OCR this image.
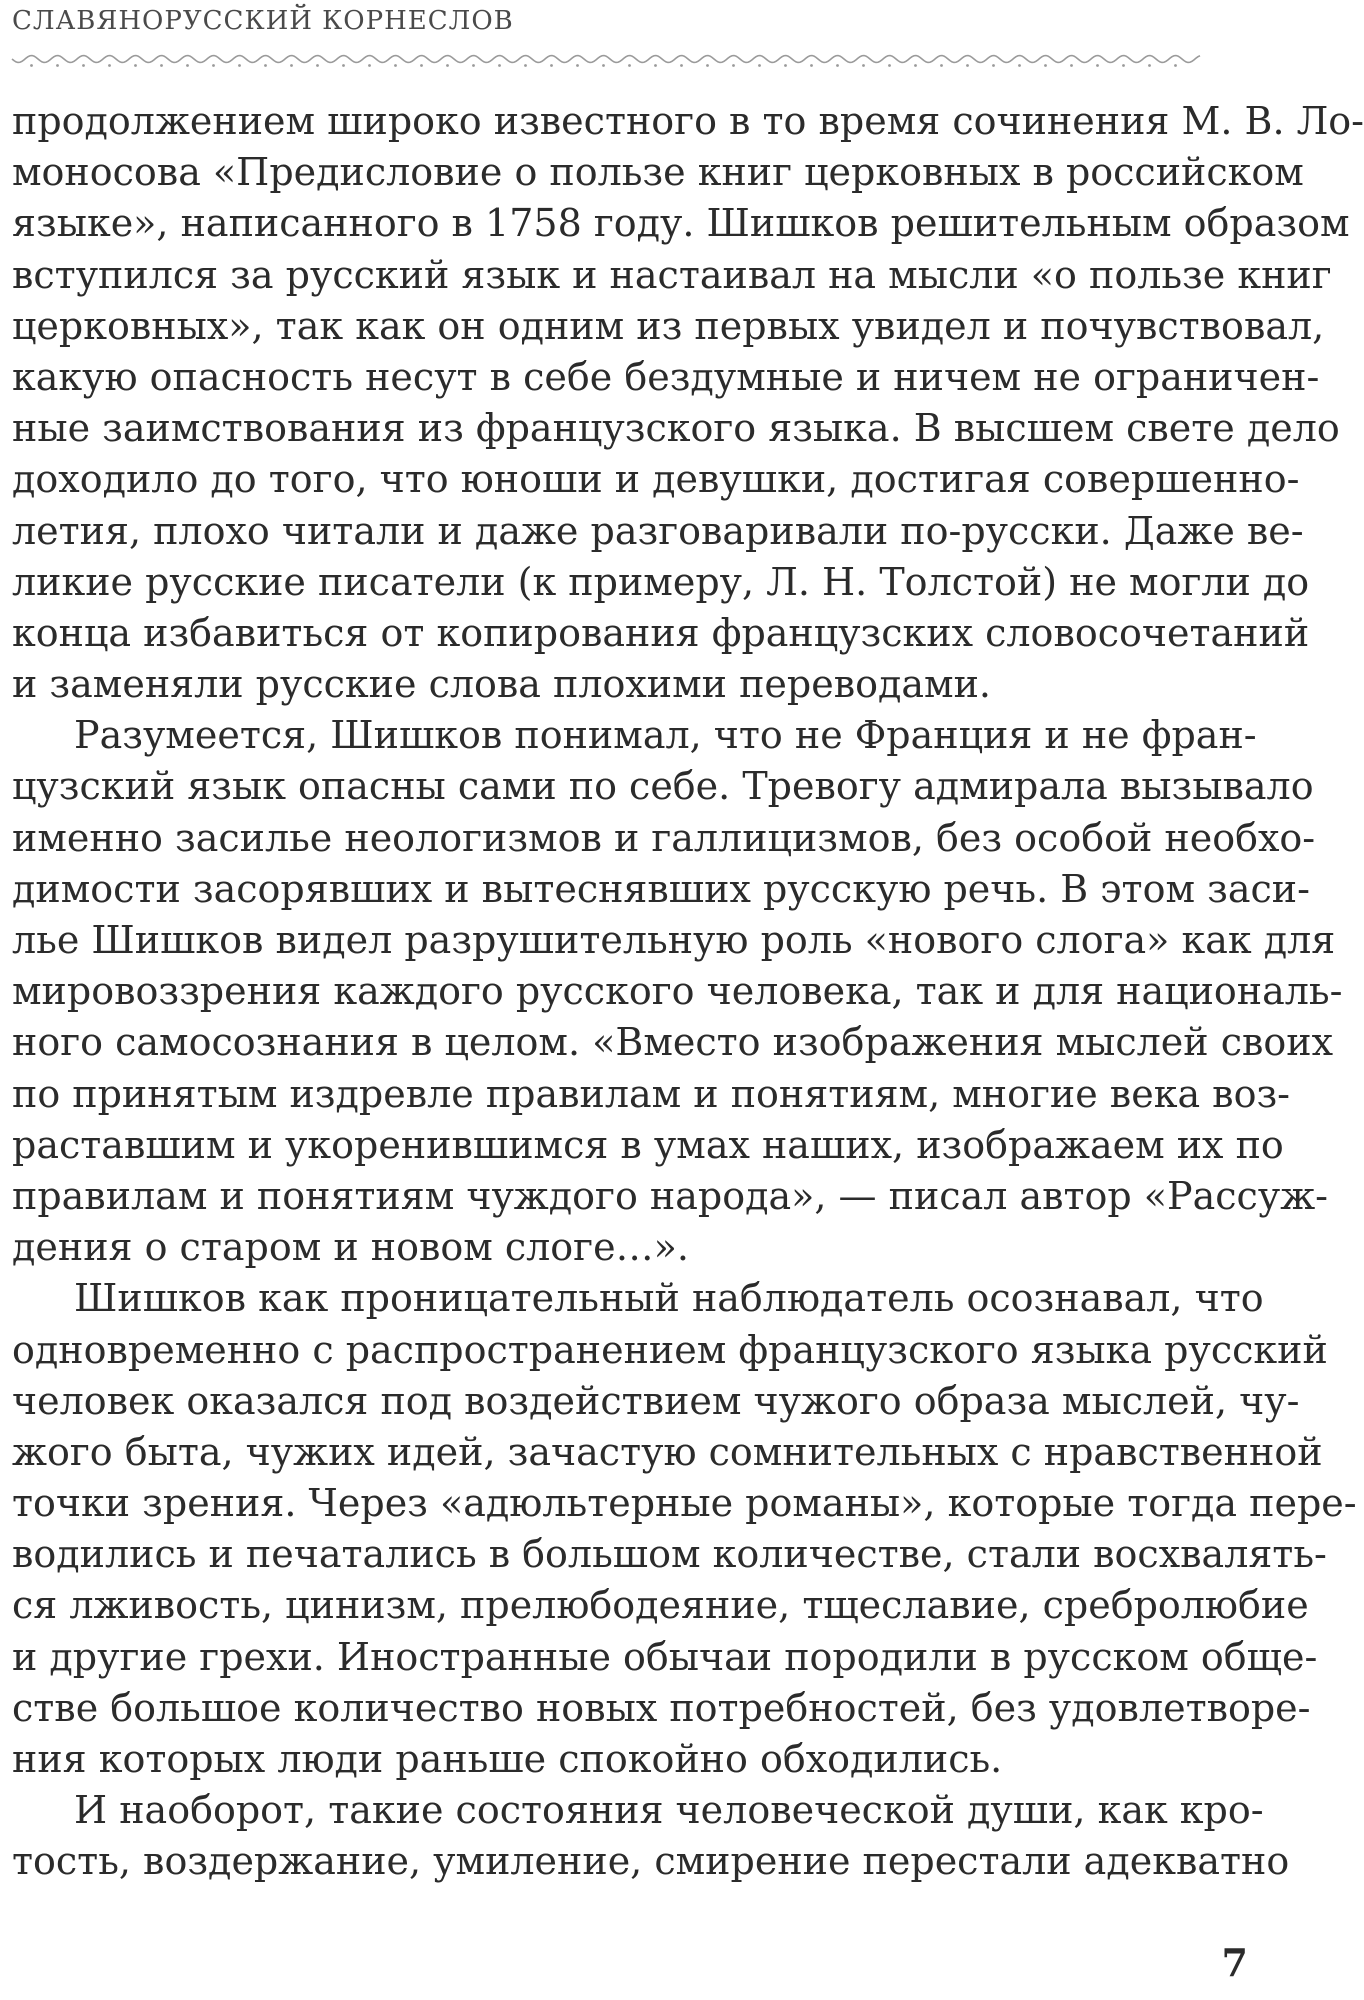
СЛАВЯНОРУССКИЙ КОРНЕСЛОВ
продолжением широко известного в то время сочинения М. В. Ло-
моносова «Предисловие о пользе книг церковных в российском
языке», написанного в 1758 году. Шишков решительным образом
вступился за русский язык и настаивал на мысли «о пользе книг
церковных», так как он одним из первых увидел и почувствовал,
какую опасность несут в себе бездумные и ничем не ограничен-
ные заимствования из французского языка. В высшем свете дело
доходило до того, что юноши и девушки, достигая совершенно-
летия, плохо читали и даже разговаривали по-русски. Даже ве-
ликие русские писатели (к примеру, Л. Н. Толстой) не могли до
конца избавиться от копирования французских словосочетаний
и заменяли русские слова плохими переводами.
Разумеется, Шишков понимал, что не Франция и не фран-
цузский язык опасны сами по себе. Тревогу адмирала вызывало
именно засилье неологизмов и галлицизмов, без особой необхо-
димости засорявших и вытеснявших русскую речь. В этом заси-
лье Шишков видел разрушительную роль «нового слога» как для
мировоззрения каждого русского человека, так и для националь-
ного самосознания в целом. «Вместо изображения мыслей своих
по принятым издревле правилам и понятиям, многие века воз-
раставшим и укоренившимся в умах наших, изображаем их по
правилам и понятиям чуждого народа», — писал автор «Рассуж-
дения о старом и новом слоге…».
Шишков как проницательный наблюдатель осознавал, что
одновременно с распространением французского языка русский
человек оказался под воздействием чужого образа мыслей, чу-
жого быта, чужих идей, зачастую сомнительных с нравственной
точки зрения. Через «адюльтерные романы», которые тогда пере-
водились и печатались в большом количестве, стали восхвалять-
ся лживость, цинизм, прелюбодеяние, тщеславие, сребролюбие
и другие грехи. Иностранные обычаи породили в русском обще-
стве большое количество новых потребностей, без удовлетворе-
ния которых люди раньше спокойно обходились.
И наоборот, такие состояния человеческой души, как кро-
тость, воздержание, умиление, смирение перестали адекватно
7
